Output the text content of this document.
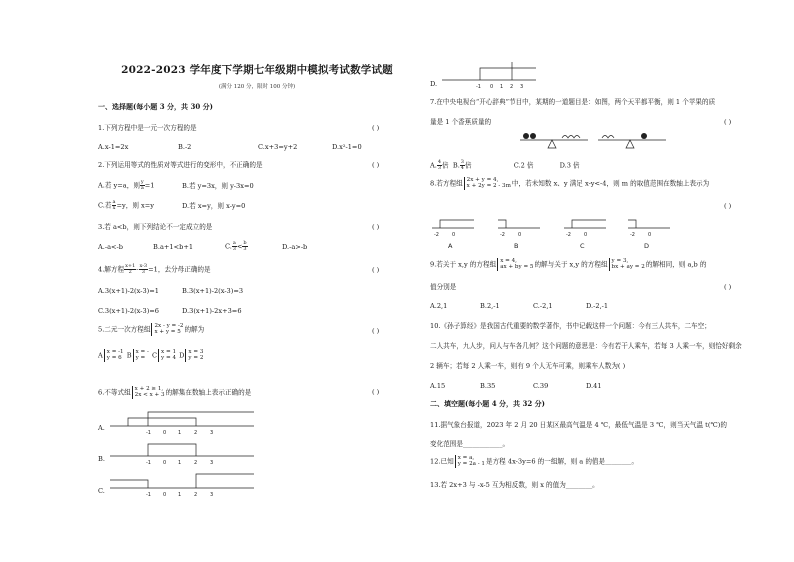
2022-2023 学年度下学期七年级期中模拟考试数学试题
(满分 120 分，限时 100 分钟)
一、选择题(每小题 3 分，共 30 分)
1.下列方程中是一元一次方程的是	( )
A.x-1=2x	B.-2	C.x+3=y+2	D.x²-1=0
2.下列运用等式的性质对等式进行的变形中，不正确的是	( )
A.若 y=a，则 $\frac{y}{a} =1$	B.若 y=3x，则 y-3x=0
C.若 $\frac{a}{x} =y$，则 x=y	D.若 x=y，则 x-y=0
3.若 a<b，则下列结论不一定成立的是	( )
A.-a<-b	B.a+1<b+1	C. $\frac{a}{3} < \frac{b}{3}$	D.-a>-b
4.解方程 $\frac{x+1}{2} - \frac{x-3}{3} =1$，去分母正确的是	( )
A.3(x+1)-2(x-3)=1	B.3(x+1)-2(x-3)=3
C.3(x+1)-2(x-3)=6	D.3(x+1)-2x+3=6
5.二元一次方程组 2x - y = -2
x + y = 5 的解为	( )
A x = -1
y = 6 B x = -
y = C x = 1
y = 4 D x = 3
y = 2
6.不等式组 x + 2 ≥ 1,
2x < x + 3的解集在数轴上表示正确的是	( )
A.
-1 0 1	2	3
B.	-1 0 1	2	3
C.	-1 0 1	2	3
D.	-1 0 1 2 3
7.在中央电视台“开心辞典”节目中，某期的一道题目是：如图，两个天平都平衡，则 1 个苹果的质
量是 1 个香蕉质量的	( )
A. $\frac{4}{3}$ 倍 B. $\frac{3}{4}$ 倍	C.2 倍	D.3 倍
8.若方程组 2x + y = 4,
x + 2y = 2 - 3m中，若未知数 x、y 满足 x-y<-4，则 m 的取值范围在数轴上表示为
( )
-2	0	-2	0	-2	0	-2	0
A	B	C	D
9.若关于 x,y 的方程组 x = 4,
ax + by = 5的解与关于 x,y 的方程组 y = 3,
bx + ay = 2的解相同，则 a,b 的
值分别是	( )
A.2,1	B.2,-1	C.-2,1	D.-2,-1
10.《孙子算经》是我国古代重要的数学著作，书中记载这样一个问题：今有三人共车，二车空；
二人共车，九人步，问人与车各几何？这个问题的意思是：今有若干人乘车，若每 3 人乘一车，则恰好剩余
2 辆车；若每 2 人乘一车，则有 9 个人无车可乘，则乘车人数为( )
A.15	B.35	C.39	D.41
二、填空题(每小题 4 分，共 32 分)
11.据气象台报道，2023 年 2 月 20 日某区最高气温是 4 ℃，最低气温是 3 ℃，则当天气温 t(℃)的
变化范围是____________。
12.已知 x = a,
y = 2a - 1是方程 4x-3y=6 的一组解，则 a 的值是________。
13.若 2x+3 与 -x-5 互为相反数，则 x 的值为________。
